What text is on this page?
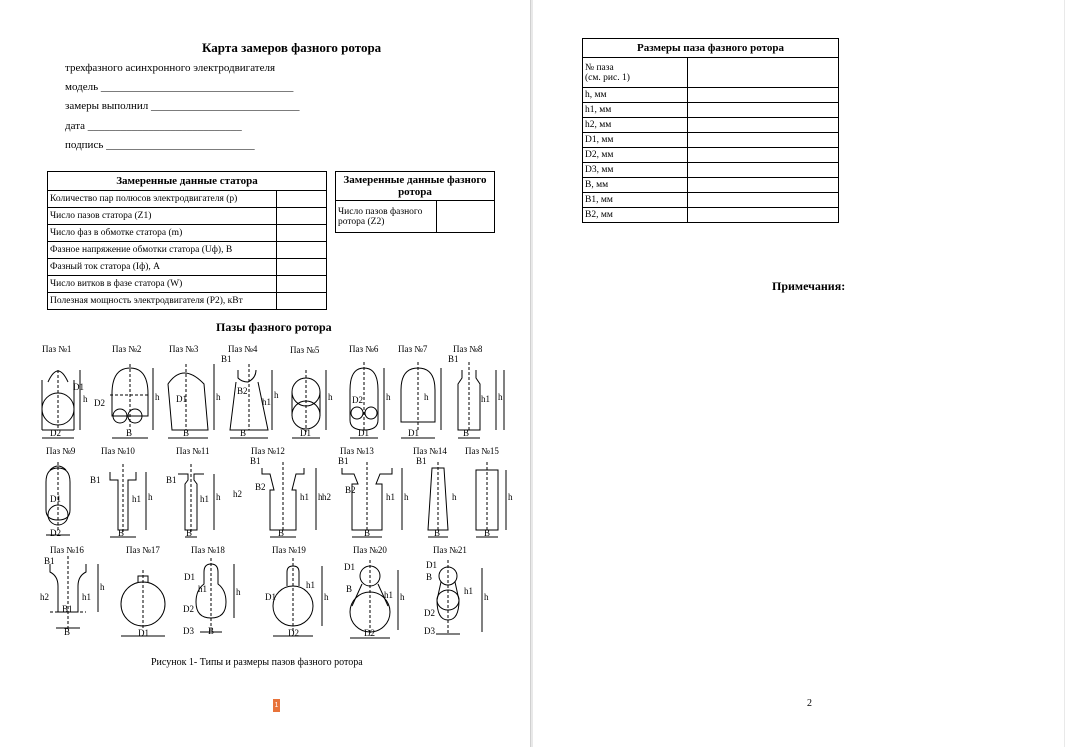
Карта замеров фазного ротора
трехфазного асинхронного электродвигателя
модель ___________________________________
замеры выполнил ___________________________
дата ____________________________
подпись ___________________________
Замеренные данные статора	
Количество пар полюсов электродвигателя (р)	
Число пазов статора (Z1)	
Число фаз в обмотке статора (m)	
Фазное напряжение обмотки статора (Uф), В	
Фазный ток статора (Iф), А	
Число витков в фазе статора (W)	
Полезная мощность электродвигателя (P2), кВт	
Замеренные данные фазного ротора
Число пазов фазного ротора (Z2)	
Пазы фазного ротора
Паз №1	Паз №2	Паз №3	Паз №4	Паз №5	Паз №6 Паз №7	Паз №8
Паз №9	Паз №10	Паз №11	Паз №12	Паз №13	Паз №14 Паз №15
Паз №16	Паз №17	Паз №18	Паз №19	Паз №20	Паз №21
D1
h
D2
D2
h
B
D1	h
B
B1
B2
h1
h
B
h
D1
D2	h
D1
h
D1
B1
h1 h
B
D1
D2
B1
h1 h
B
B1
h1 h
B
B1
h2
B2
h1 h
B
B1
h2
B2
h1 h
B
B1
h
B
h
B
B1
h2
B1
h1
h
B	D1
D1
h1	h
D2
D3 B
D1
h1
h
D2
D1
B
h1 h
D2
D1
B
h1
h
D2
D3
Рисунок 1- Типы и размеры пазов фазного ротора
1
Размеры паза фазного ротора	

№ паза
(см. рис. 1)	

h, мм	
h1, мм	
h2, мм	
D1, мм	
D2, мм	
D3, мм	
B, мм	
B1, мм	
B2, мм	
Примечания:
2
